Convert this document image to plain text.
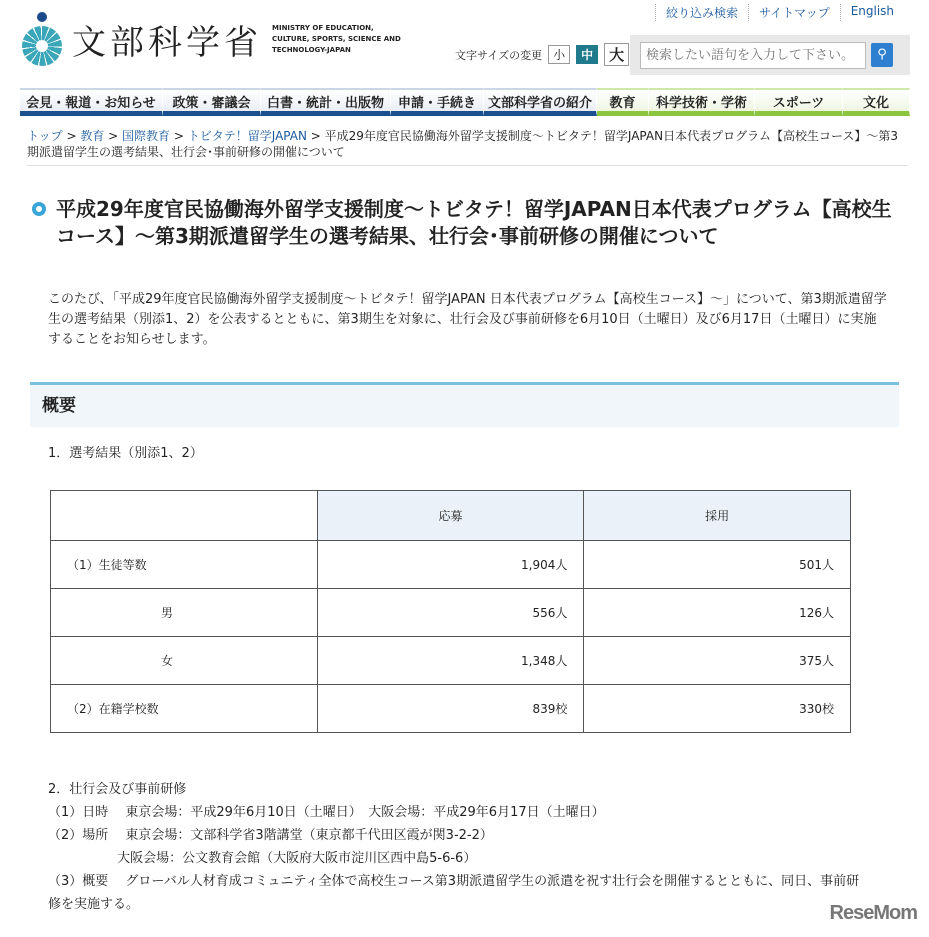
文部科学省 MINISTRY OF EDUCATION, CULTURE, SPORTS, SCIENCE AND TECHNOLOGY-JAPAN
絞り込み検索	サイトマップ	English
文字サイズの変更 小	中	大
検索したい語句を入力して下さい。	⚲
会見・報道・お知らせ	政策・審議会	白書・統計・出版物	申請・手続き 文部科学省の紹介	教育	科学技術・学術	スポーツ	文化
トップ > 教育 > 国際教育 > トビタテ！留学JAPAN > 平成29年度官民協働海外留学支援制度～トビタテ！留学JAPAN日本代表プログラム【高校生コース】～第3期派遣留学生の選考結果、壮行会･事前研修の開催について
平成29年度官民協働海外留学支援制度～トビタテ！留学JAPAN日本代表プログラム【高校生コース】～第3期派遣留学生の選考結果、壮行会･事前研修の開催について

このたび、「平成29年度官民協働海外留学支援制度～トビタテ！留学JAPAN 日本代表プログラム【高校生コース】～」について、第3期派遣留学生の選考結果（別添1、2）を公表するとともに、第3期生を対象に、壮行会及び事前研修を6月10日（土曜日）及び6月17日（土曜日）に実施することをお知らせします。

概要
1．選考結果（別添1、2）
	応募	採用
（1）生徒等数	1,904人	501人
男	556人	126人
女	1,348人	375人
（2）在籍学校数	839校	330校
2．壮行会及び事前研修
（1）日時　 東京会場：平成29年6月10日（土曜日）　大阪会場：平成29年6月17日（土曜日）
（2）場所　 東京会場：文部科学省3階講堂（東京都千代田区霞が関3-2-2）
　　　　　 大阪会場：公文教育会館（大阪府大阪市淀川区西中島5-6-6）
（3）概要　 グローバル人材育成コミュニティ全体で高校生コース第3期派遣留学生の派遣を祝す壮行会を開催するとともに、同日、事前研修を実施する。	ReseMom
